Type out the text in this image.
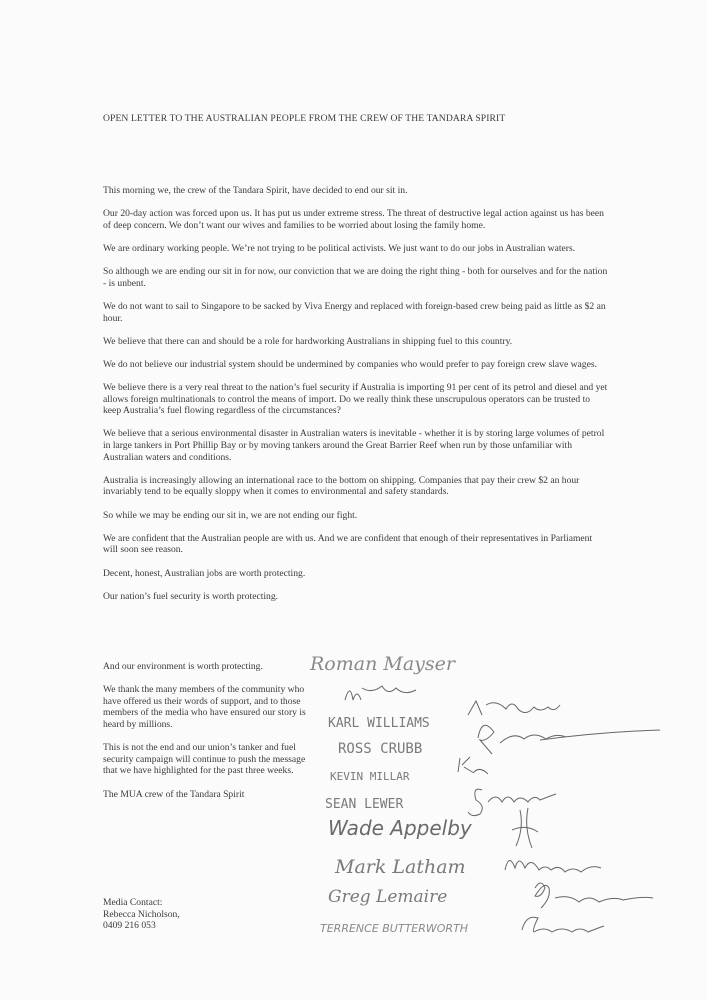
OPEN LETTER TO THE AUSTRALIAN PEOPLE FROM THE CREW OF THE TANDARA SPIRIT

This morning we, the crew of the Tandara Spirit, have decided to end our sit in.

Our 20-day action was forced upon us. It has put us under extreme stress. The threat of destructive legal action against us has been of deep concern. We don’t want our wives and families to be worried about losing the family home.

We are ordinary working people. We’re not trying to be political activists. We just want to do our jobs in Australian waters.

So although we are ending our sit in for now, our conviction that we are doing the right thing - both for ourselves and for the nation - is unbent.

We do not want to sail to Singapore to be sacked by Viva Energy and replaced with foreign-based crew being paid as little as $2 an hour.

We believe that there can and should be a role for hardworking Australians in shipping fuel to this country.

We do not believe our industrial system should be undermined by companies who would prefer to pay foreign crew slave wages.

We believe there is a very real threat to the nation’s fuel security if Australia is importing 91 per cent of its petrol and diesel and yet allows foreign multinationals to control the means of import. Do we really think these unscrupulous operators can be trusted to keep Australia’s fuel flowing regardless of the circumstances?

We believe that a serious environmental disaster in Australian waters is inevitable - whether it is by storing large volumes of petrol in large tankers in Port Phillip Bay or by moving tankers around the Great Barrier Reef when run by those unfamiliar with Australian waters and conditions.

Australia is increasingly allowing an international race to the bottom on shipping. Companies that pay their crew $2 an hour invariably tend to be equally sloppy when it comes to environmental and safety standards.

So while we may be ending our sit in, we are not ending our fight.

We are confident that the Australian people are with us. And we are confident that enough of their representatives in Parliament will soon see reason.

Decent, honest, Australian jobs are worth protecting.

Our nation’s fuel security is worth protecting.

And our environment is worth protecting.

We thank the many members of the community who have offered us their words of support, and to those members of the media who have ensured our story is heard by millions.

This is not the end and our union’s tanker and fuel security campaign will continue to push the message that we have highlighted for the past three weeks.

The MUA crew of the Tandara Spirit

Media Contact:
Rebecca Nicholson,
0409 216 053
Roman Mayser
KARL WILLIAMS
ROSS CRUBB
KEVIN MILLAR
SEAN LEWER
Wade Appelby
Mark Latham
Greg Lemaire
TERRENCE BUTTERWORTH
